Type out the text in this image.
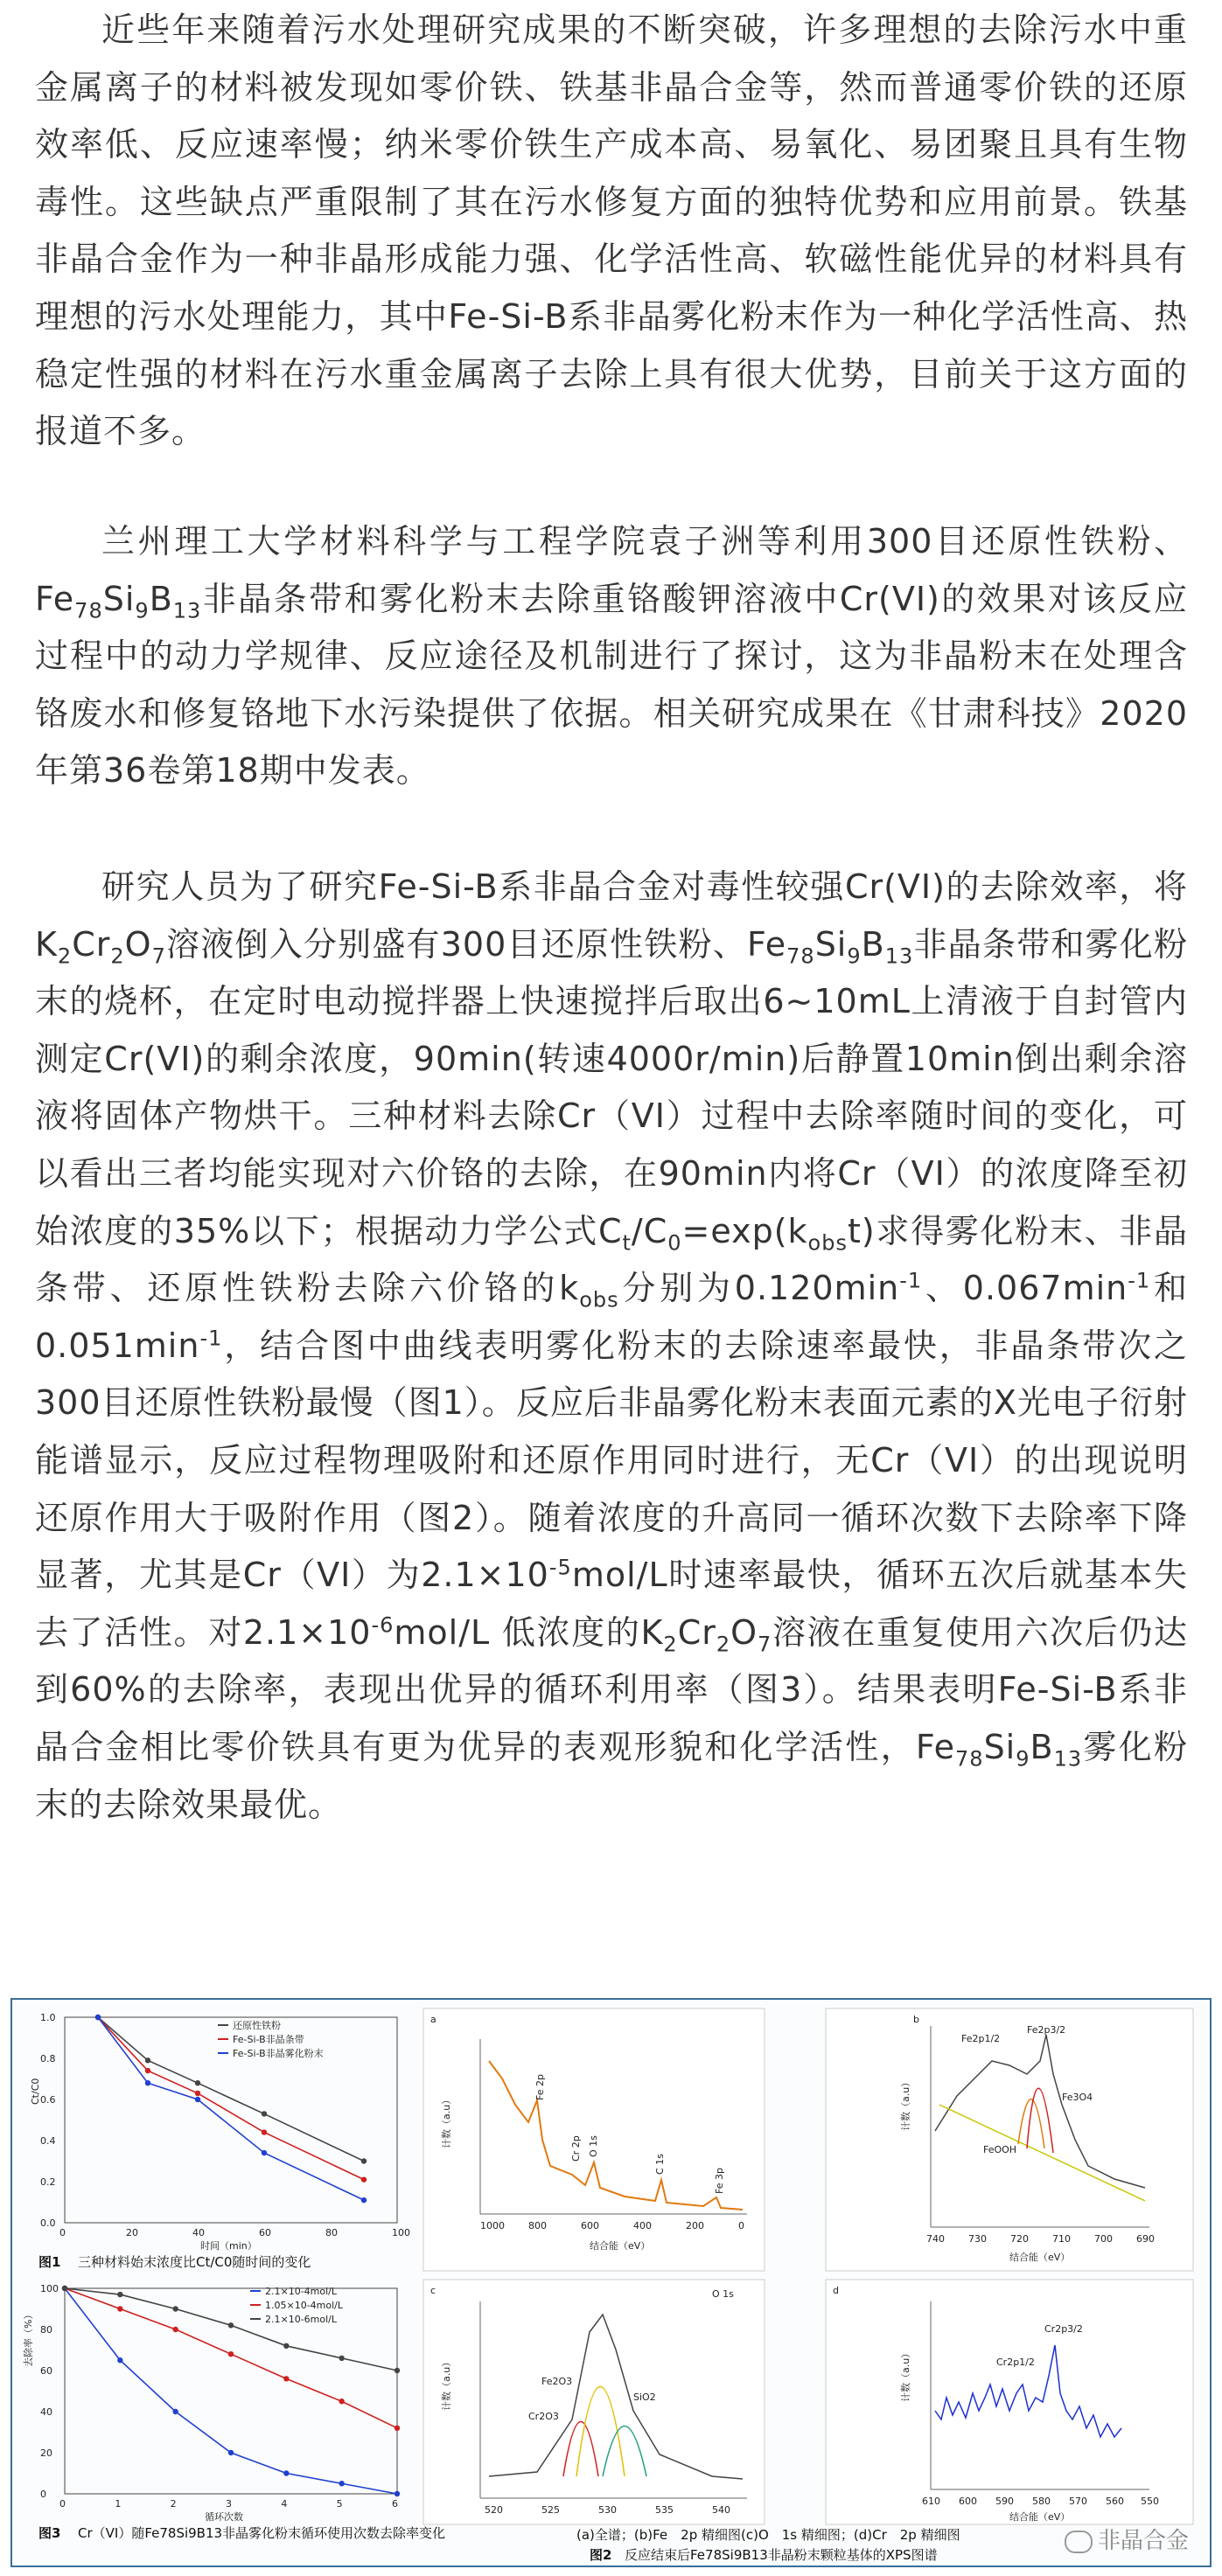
近些年来随着污水处理研究成果的不断突破，许多理想的去除污水中重金属离子的材料被发现如零价铁、铁基非晶合金等，然而普通零价铁的还原效率低、反应速率慢；纳米零价铁生产成本高、易氧化、易团聚且具有生物毒性。这些缺点严重限制了其在污水修复方面的独特优势和应用前景。铁基非晶合金作为一种非晶形成能力强、化学活性高、软磁性能优异的材料具有理想的污水处理能力，其中Fe-Si-B系非晶雾化粉末作为一种化学活性高、热稳定性强的材料在污水重金属离子去除上具有很大优势，目前关于这方面的报道不多。

兰州理工大学材料科学与工程学院袁子洲等利用300目还原性铁粉、$Fe_{78}Si_9B_{13}$非晶条带和雾化粉末去除重铬酸钾溶液中Cr(VI)的效果对该反应过程中的动力学规律、反应途径及机制进行了探讨，这为非晶粉末在处理含铬废水和修复铬地下水污染提供了依据。相关研究成果在《甘肃科技》2020年第36卷第18期中发表。

研究人员为了研究Fe-Si-B系非晶合金对毒性较强Cr(VI)的去除效率，将$K_2Cr_2O_7$溶液倒入分别盛有300目还原性铁粉、$Fe_{78}Si_9B_{13}$非晶条带和雾化粉末的烧杯，在定时电动搅拌器上快速搅拌后取出6~10mL上清液于自封管内测定Cr(VI)的剩余浓度，90min(转速4000r/min)后静置10min倒出剩余溶液将固体产物烘干。三种材料去除Cr（VI）过程中去除率随时间的变化，可以看出三者均能实现对六价铬的去除，在90min内将Cr（VI）的浓度降至初始浓度的35%以下；根据动力学公式$C_t/C_0=\exp(k_{obs}t)$求得雾化粉末、非晶条带、还原性铁粉去除六价铬的$k_{obs}$分别为$0.120\min^{-1}$、$0.067\min^{-1}$和$0.051\min^{-1}$，结合图中曲线表明雾化粉末的去除速率最快，非晶条带次之300目还原性铁粉最慢（图1）。反应后非晶雾化粉末表面元素的X光电子衍射能谱显示，反应过程物理吸附和还原作用同时进行，无Cr（VI）的出现说明还原作用大于吸附作用（图2）。随着浓度的升高同一循环次数下去除率下降显著，尤其是Cr（VI）为$2.1\times 10^{-5}mol/L$时速率最快，循环五次后就基本失去了活性。对$2.1\times 10^{-6}mol/L$ 低浓度的$K_2Cr_2O_7$溶液在重复使用六次后仍达到60%的去除率，表现出优异的循环利用率（图3）。结果表明Fe-Si-B系非晶合金相比零价铁具有更为优异的表观形貌和化学活性，$Fe_{78}Si_9B_{13}$雾化粉末的去除效果最优。

Ct/C0
时间（min）
还原性铁粉
Fe-Si-B非晶条带
Fe-Si-B非晶雾化粉末
图1 三种材料始末浓度比Ct/C0随时间的变化
0	20	40	60	80	100
0.0
0.2
0.4
0.6
0.8
1.0
去除率（%）
循环次数
2.1×10-4mol/L
1.05×10-4mol/L
2.1×10-6mol/L
图3 Cr（VI）随Fe78Si9B13非晶雾化粉末循环使用次数去除率变化
0	1	2	3	4	5	6
0
20
40
60
80
100
a
Fe 2p
O 1s
Cr 2p
C 1s
Fe 3p
计数（a.u）
1000 800	600	400	200	0
结合能（eV）
b
Fe2p1/2
Fe2p3/2
Fe3O4
FeOOH
计数（a.u）
740 730 720 710 700 690
结合能（eV）
c	O 1s
Fe2O3
Cr2O3
SiO2
计数（a.u）
520	525	530	535	540
d
Cr2p1/2
Cr2p3/2
计数（a.u）
610 600 590 580 570 560 550
结合能（eV）
(a)全谱；(b)Fe　2p 精细图(c)O　1s 精细图；(d)Cr　2p 精细图
图2 反应结束后Fe78Si9B13非晶粉末颗粒基体的XPS图谱
非晶合金
